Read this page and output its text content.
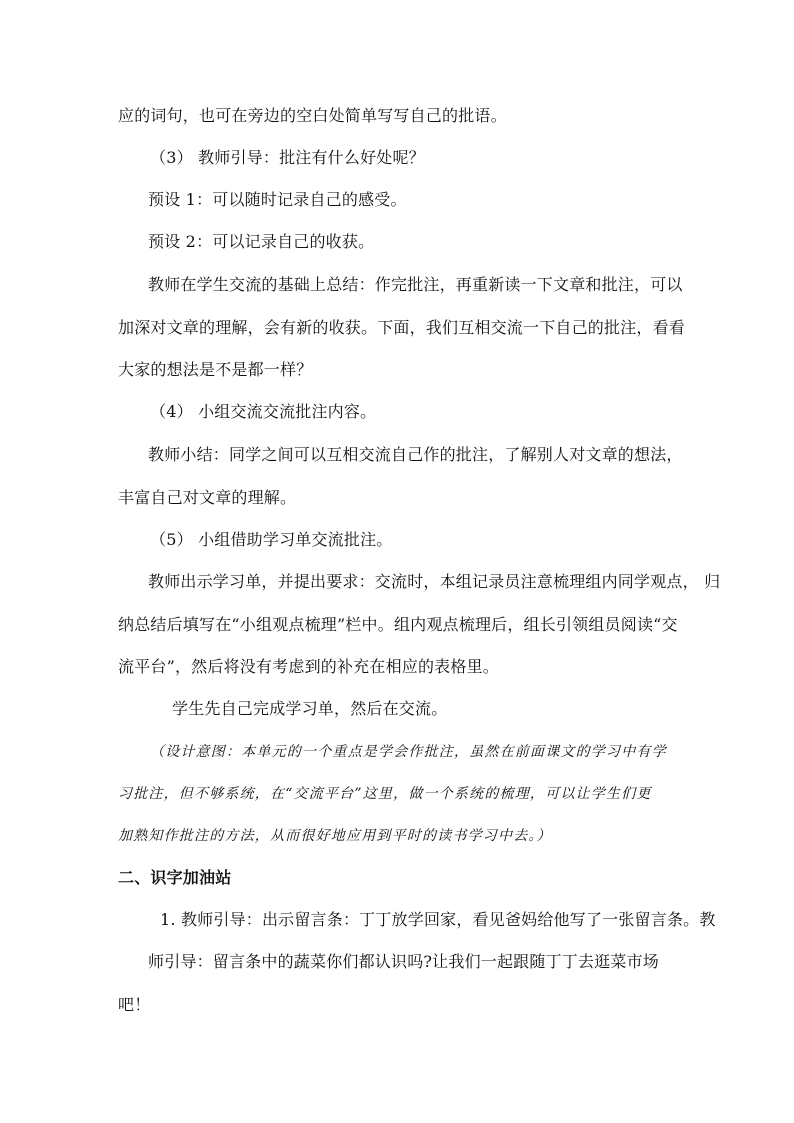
应的词句，也可在旁边的空白处简单写写自己的批语。
（3） 教师引导：批注有什么好处呢？
预设 1：可以随时记录自己的感受。
预设 2：可以记录自己的收获。
教师在学生交流的基础上总结：作完批注，再重新读一下文章和批注，可以
加深对文章的理解，会有新的收获。下面，我们互相交流一下自己的批注，看看
大家的想法是不是都一样？
（4） 小组交流交流批注内容。
教师小结：同学之间可以互相交流自己作的批注，了解别人对文章的想法，
丰富自己对文章的理解。
（5） 小组借助学习单交流批注。
教师出示学习单，并提出要求：交流时，本组记录员注意梳理组内同学观点， 归
纳总结后填写在“小组观点梳理”栏中。组内观点梳理后，组长引领组员阅读“交
流平台”，然后将没有考虑到的补充在相应的表格里。
学生先自己完成学习单，然后在交流。
（设计意图：本单元的一个重点是学会作批注，虽然在前面课文的学习中有学
习批注，但不够系统，在“交流平台”这里，做一个系统的梳理，可以让学生们更
加熟知作批注的方法，从而很好地应用到平时的读书学习中去。）
二、识字加油站
1. 教师引导：出示留言条：丁丁放学回家，看见爸妈给他写了一张留言条。教
师引导：留言条中的蔬菜你们都认识吗?让我们一起跟随丁丁去逛菜市场
吧！
